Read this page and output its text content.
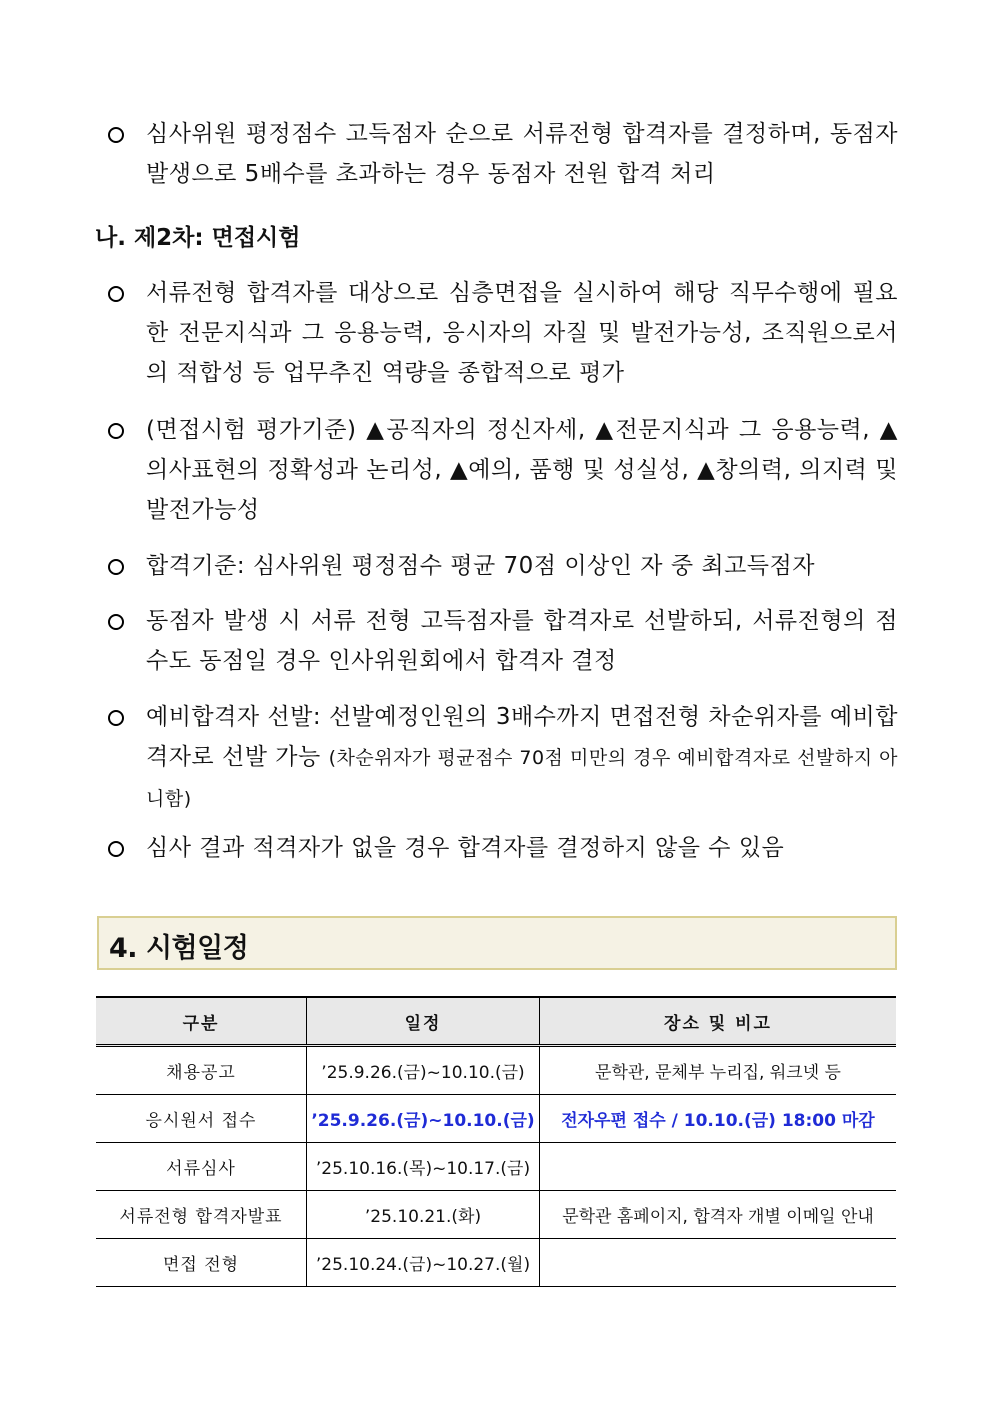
심사위원 평정점수 고득점자 순으로 서류전형 합격자를 결정하며, 동점자 발생으로 5배수를 초과하는 경우 동점자 전원 합격 처리
나. 제2차: 면접시험
서류전형 합격자를 대상으로 심층면접을 실시하여 해당 직무수행에 필요한 전문지식과 그 응용능력, 응시자의 자질 및 발전가능성, 조직원으로서의 적합성 등 업무추진 역량을 종합적으로 평가
(면접시험 평가기준) ▲공직자의 정신자세, ▲전문지식과 그 응용능력, ▲의사표현의 정확성과 논리성, ▲예의, 품행 및 성실성, ▲창의력, 의지력 및 발전가능성
합격기준: 심사위원 평정점수 평균 70점 이상인 자 중 최고득점자
동점자 발생 시 서류 전형 고득점자를 합격자로 선발하되, 서류전형의 점수도 동점일 경우 인사위원회에서 합격자 결정
예비합격자 선발: 선발예정인원의 3배수까지 면접전형 차순위자를 예비합격자로 선발 가능 (차순위자가 평균점수 70점 미만의 경우 예비합격자로 선발하지 아니함)
심사 결과 적격자가 없을 경우 합격자를 결정하지 않을 수 있음
4. 시험일정
구분	일정	장소 및 비고
채용공고	’25.9.26.(금)~10.10.(금)	문학관, 문체부 누리집, 워크넷 등
응시원서 접수	’25.9.26.(금)~10.10.(금)	전자우편 접수 / 10.10.(금) 18:00 마감
서류심사	’25.10.16.(목)~10.17.(금)	
서류전형 합격자발표	’25.10.21.(화)	문학관 홈페이지, 합격자 개별 이메일 안내
면접 전형	’25.10.24.(금)~10.27.(월)	
